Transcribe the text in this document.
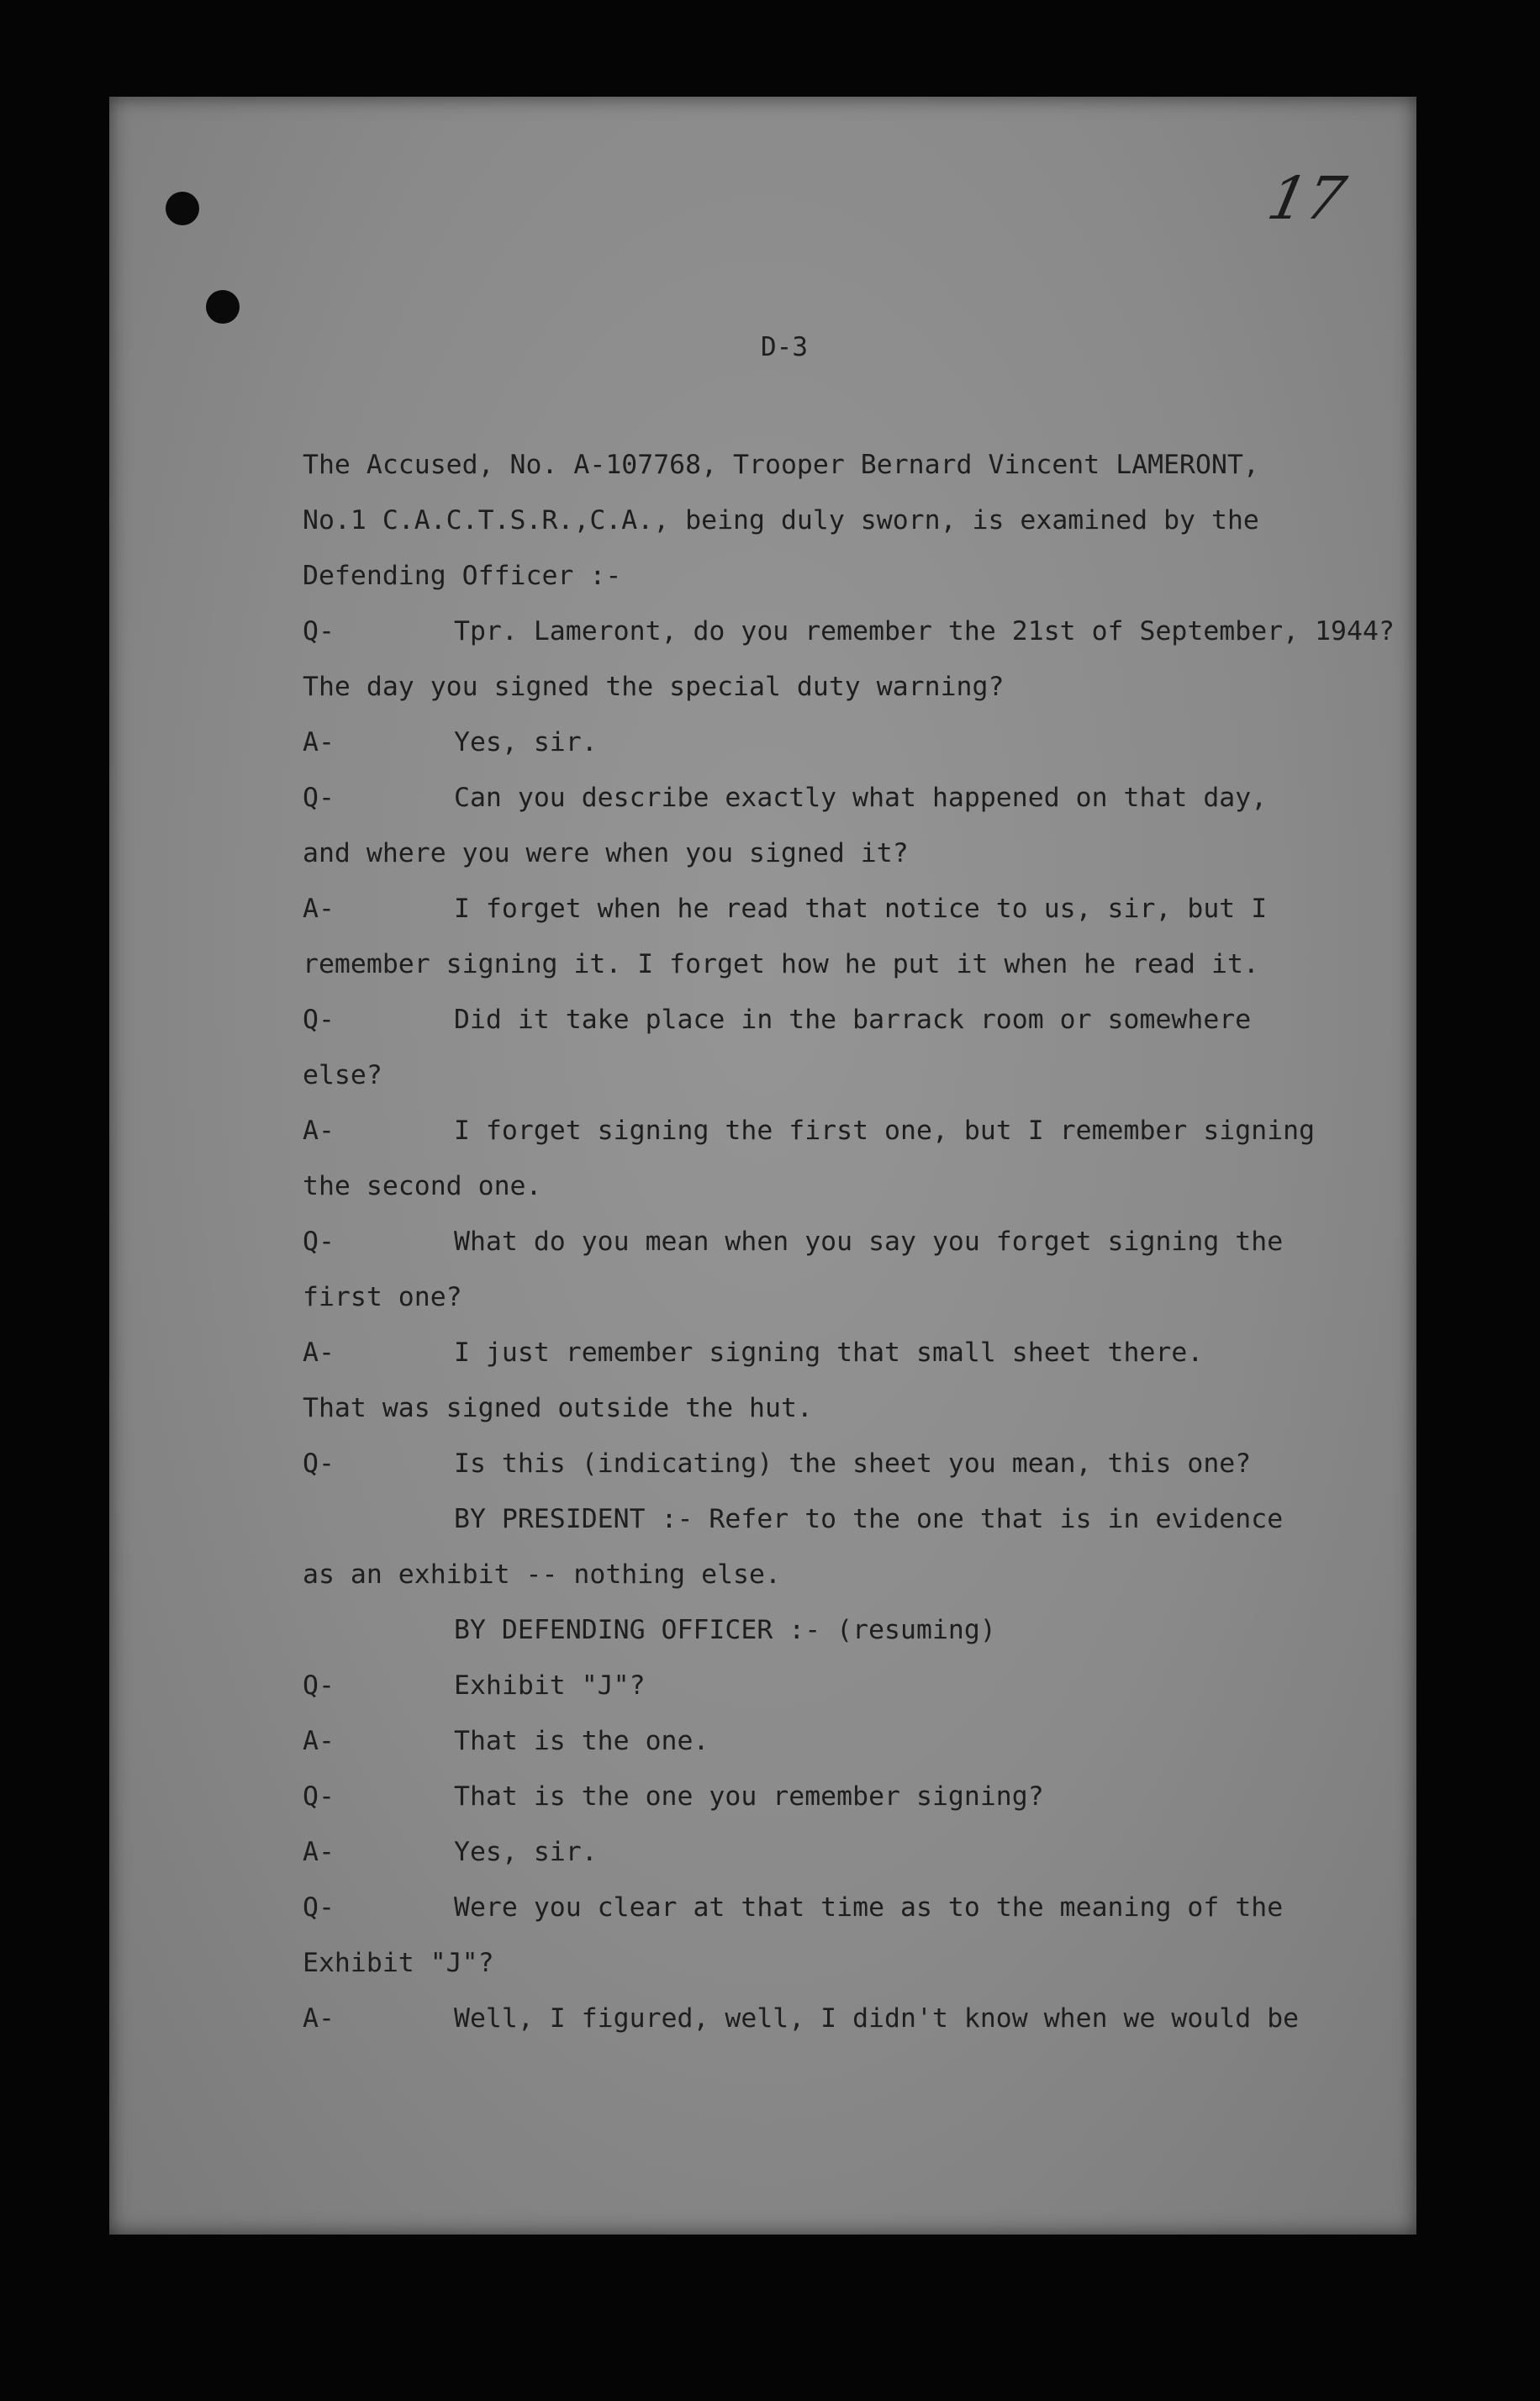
17
D-3
The Accused, No. A-107768, Trooper Bernard Vincent LAMERONT,
No.1 C.A.C.T.S.R.,C.A., being duly sworn, is examined by the
Defending Officer :-
Q-	Tpr. Lameront, do you remember the 21st of September, 1944?
The day you signed the special duty warning?
A-	Yes, sir.
Q-	Can you describe exactly what happened on that day,
and where you were when you signed it?
A-	I forget when he read that notice to us, sir, but I
remember signing it. I forget how he put it when he read it.
Q-	Did it take place in the barrack room or somewhere
else?
A-	I forget signing the first one, but I remember signing
the second one.
Q-	What do you mean when you say you forget signing the
first one?
A-	I just remember signing that small sheet there.
That was signed outside the hut.
Q-	Is this (indicating) the sheet you mean, this one?
BY PRESIDENT :- Refer to the one that is in evidence
as an exhibit -- nothing else.
BY DEFENDING OFFICER :- (resuming)
Q-	Exhibit "J"?
A-	That is the one.
Q-	That is the one you remember signing?
A-	Yes, sir.
Q-	Were you clear at that time as to the meaning of the
Exhibit "J"?
A-	Well, I figured, well, I didn't know when we would be
